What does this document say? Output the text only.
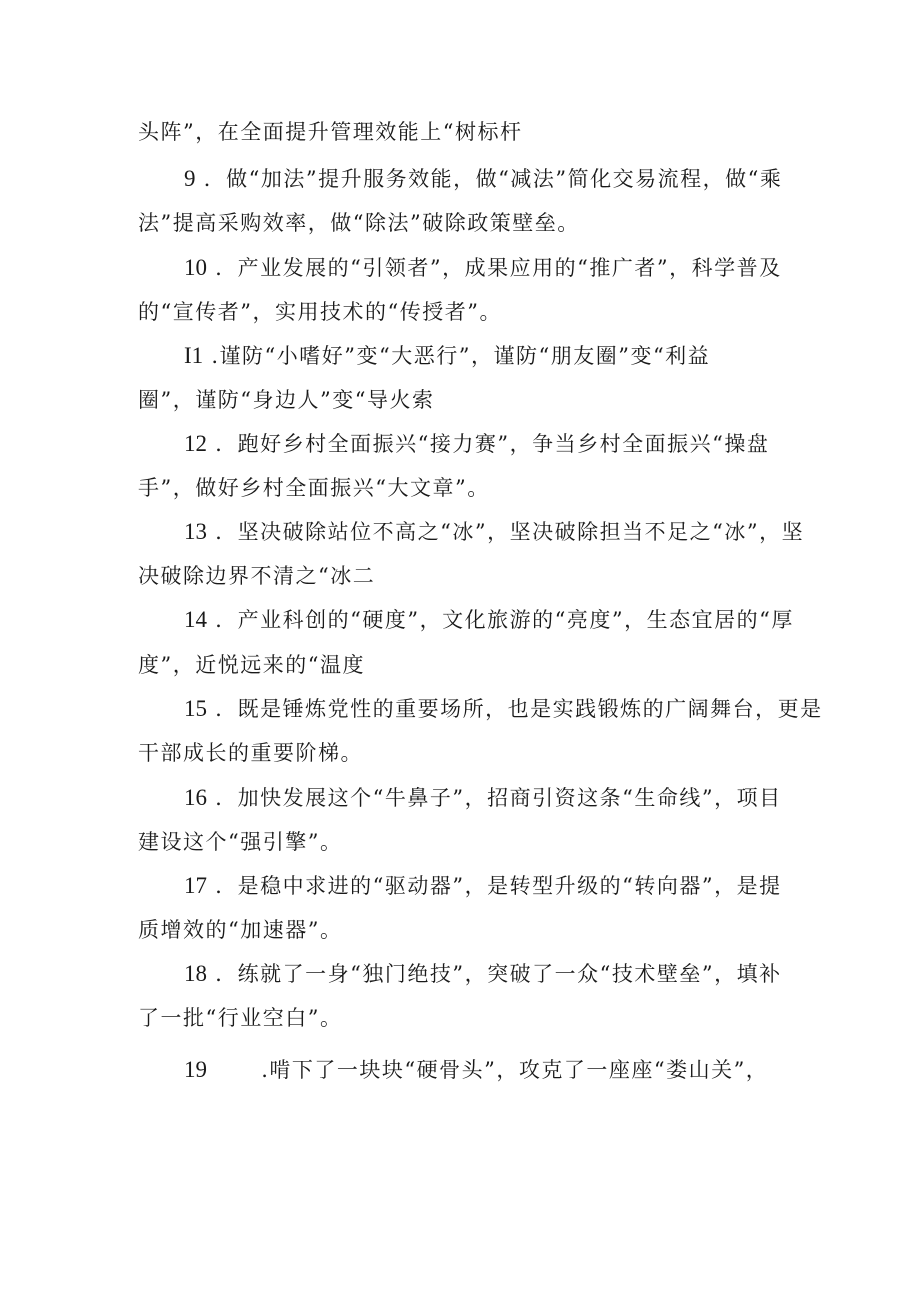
头阵”，在全面提升管理效能上“树标杆
9 ．做“加法”提升服务效能，做“减法”简化交易流程，做“乘
法”提高采购效率，做“除法”破除政策壁垒。
10 ．产业发展的“引领者”，成果应用的“推广者”，科学普及
的“宣传者”，实用技术的“传授者”。
I1 .谨防“小嗜好”变“大恶行”，谨防“朋友圈”变“利益
圈”，谨防“身边人”变“导火索
12 ．跑好乡村全面振兴“接力赛”，争当乡村全面振兴“操盘
手”，做好乡村全面振兴“大文章”。
13 ．坚决破除站位不高之“冰”，坚决破除担当不足之“冰”，坚
决破除边界不清之“冰二
14 ．产业科创的“硬度”，文化旅游的“亮度”，生态宜居的“厚
度”，近悦远来的“温度
15 ．既是锤炼党性的重要场所，也是实践锻炼的广阔舞台，更是
干部成长的重要阶梯。
16 ．加快发展这个“牛鼻子”，招商引资这条“生命线”，项目
建设这个“强引擎”。
17 ．是稳中求进的“驱动器”，是转型升级的“转向器”，是提
质增效的“加速器”。
18 ．练就了一身“独门绝技”，突破了一众“技术壁垒”，填补
了一批“行业空白”。
19	.啃下了一块块“硬骨头”，攻克了一座座“娄山关”，
